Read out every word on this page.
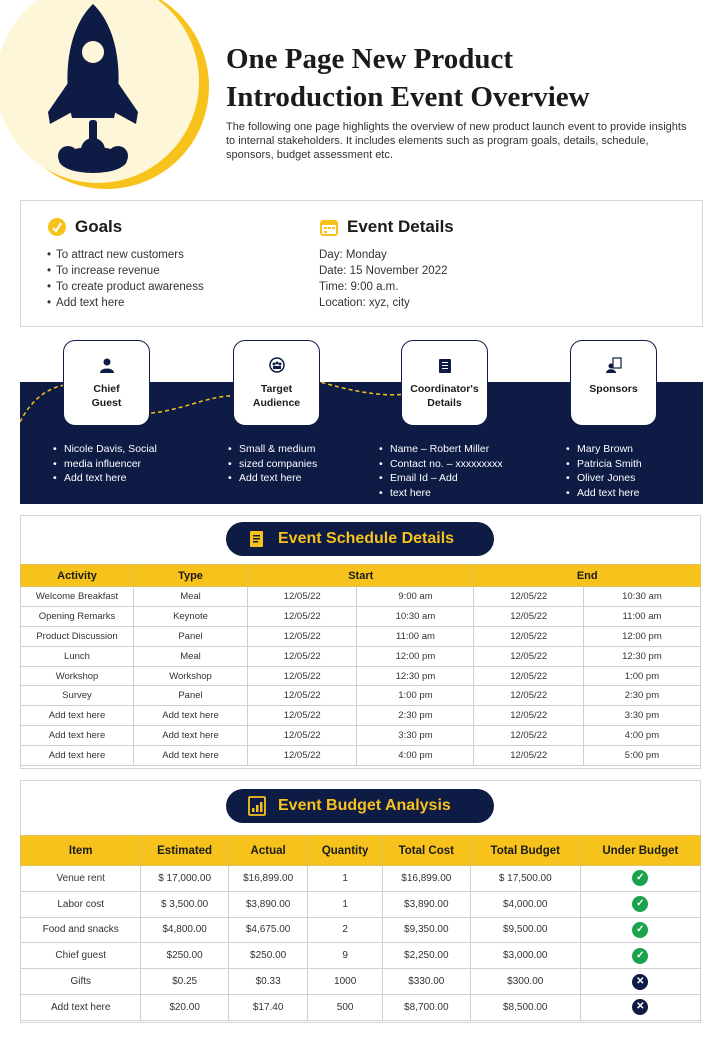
One Page New Product
Introduction Event Overview
The following one page highlights the overview of new product launch event to provide insights to internal stakeholders. It includes elements such as program goals, details, schedule, sponsors, budget assessment etc.
Goals
• To attract new customers
• To increase revenue
• To create product awareness
• Add text here
Event Details
Day: Monday
Date: 15 November 2022
Time: 9:00 a.m.
Location: xyz, city
Chief
Guest
Target
Audience
Coordinator's
Details
Sponsors
• Nicole Davis, Social
• media influencer
• Add text here
• Small & medium
• sized companies
• Add text here
• Name – Robert Miller
• Contact no. – xxxxxxxxx
• Email Id – Add
• text here
• Mary Brown
• Patricia Smith
• Oliver Jones
• Add text here
Event Schedule Details
Activity	Type	Start		End	
Welcome Breakfast	Meal	12/05/22	9:00 am	12/05/22	10:30 am
Opening Remarks	Keynote	12/05/22	10:30 am	12/05/22	11:00 am
Product Discussion	Panel	12/05/22	11:00 am	12/05/22	12:00 pm
Lunch	Meal	12/05/22	12:00 pm	12/05/22	12:30 pm
Workshop	Workshop	12/05/22	12:30 pm	12/05/22	1:00 pm
Survey	Panel	12/05/22	1:00 pm	12/05/22	2:30 pm
Add text here	Add text here	12/05/22	2:30 pm	12/05/22	3:30 pm
Add text here	Add text here	12/05/22	3:30 pm	12/05/22	4:00 pm
Add text here	Add text here	12/05/22	4:00 pm	12/05/22	5:00 pm
Event Budget Analysis
Item	Estimated	Actual	Quantity	Total Cost	Total Budget	Under Budget
Venue rent	$ 17,000.00	$16,899.00	1	$16,899.00	$ 17,500.00	✓
Labor cost	$ 3,500.00	$3,890.00	1	$3,890.00	$4,000.00	✓
Food and snacks	$4,800.00	$4,675.00	2	$9,350.00	$9,500.00	✓
Chief guest	$250.00	$250.00	9	$2,250.00	$3,000.00	✓
Gifts	$0.25	$0.33	1000	$330.00	$300.00	✕
Add text here	$20.00	$17.40	500	$8,700.00	$8,500.00	✕
